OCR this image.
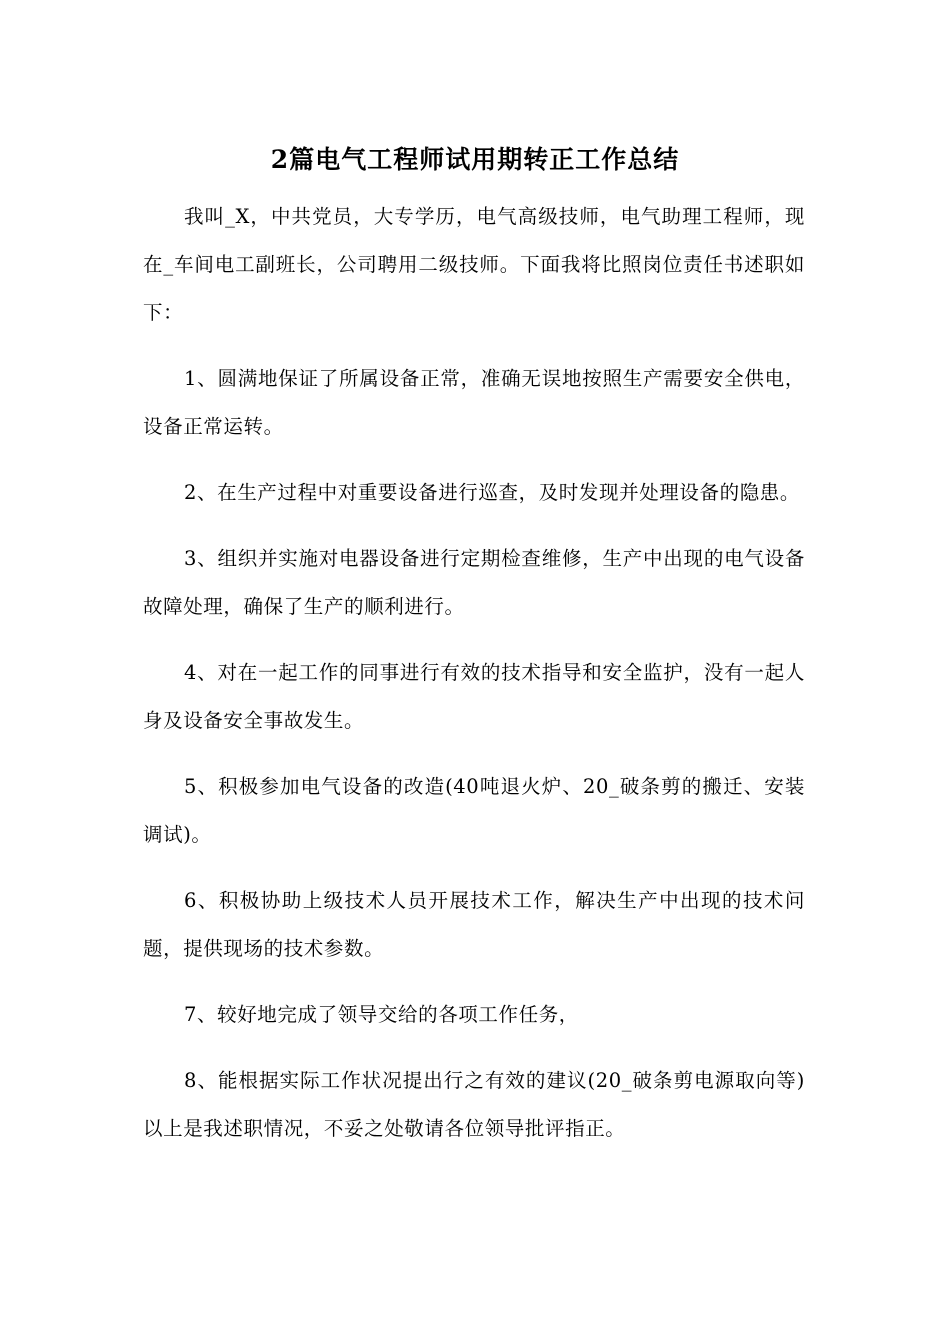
2篇电气工程师试用期转正工作总结

我叫_X，中共党员，大专学历，电气高级技师，电气助理工程师，现在_车间电工副班长，公司聘用二级技师。下面我将比照岗位责任书述职如下：

1、圆满地保证了所属设备正常，准确无误地按照生产需要安全供电，设备正常运转。

2、在生产过程中对重要设备进行巡查，及时发现并处理设备的隐患。

3、组织并实施对电器设备进行定期检查维修，生产中出现的电气设备故障处理，确保了生产的顺利进行。

4、对在一起工作的同事进行有效的技术指导和安全监护，没有一起人身及设备安全事故发生。

5、积极参加电气设备的改造(40吨退火炉、20_破条剪的搬迁、安装调试)。

6、积极协助上级技术人员开展技术工作，解决生产中出现的技术问题，提供现场的技术参数。

7、较好地完成了领导交给的各项工作任务，

8、能根据实际工作状况提出行之有效的建议(20_破条剪电源取向等)以上是我述职情况，不妥之处敬请各位领导批评指正。
